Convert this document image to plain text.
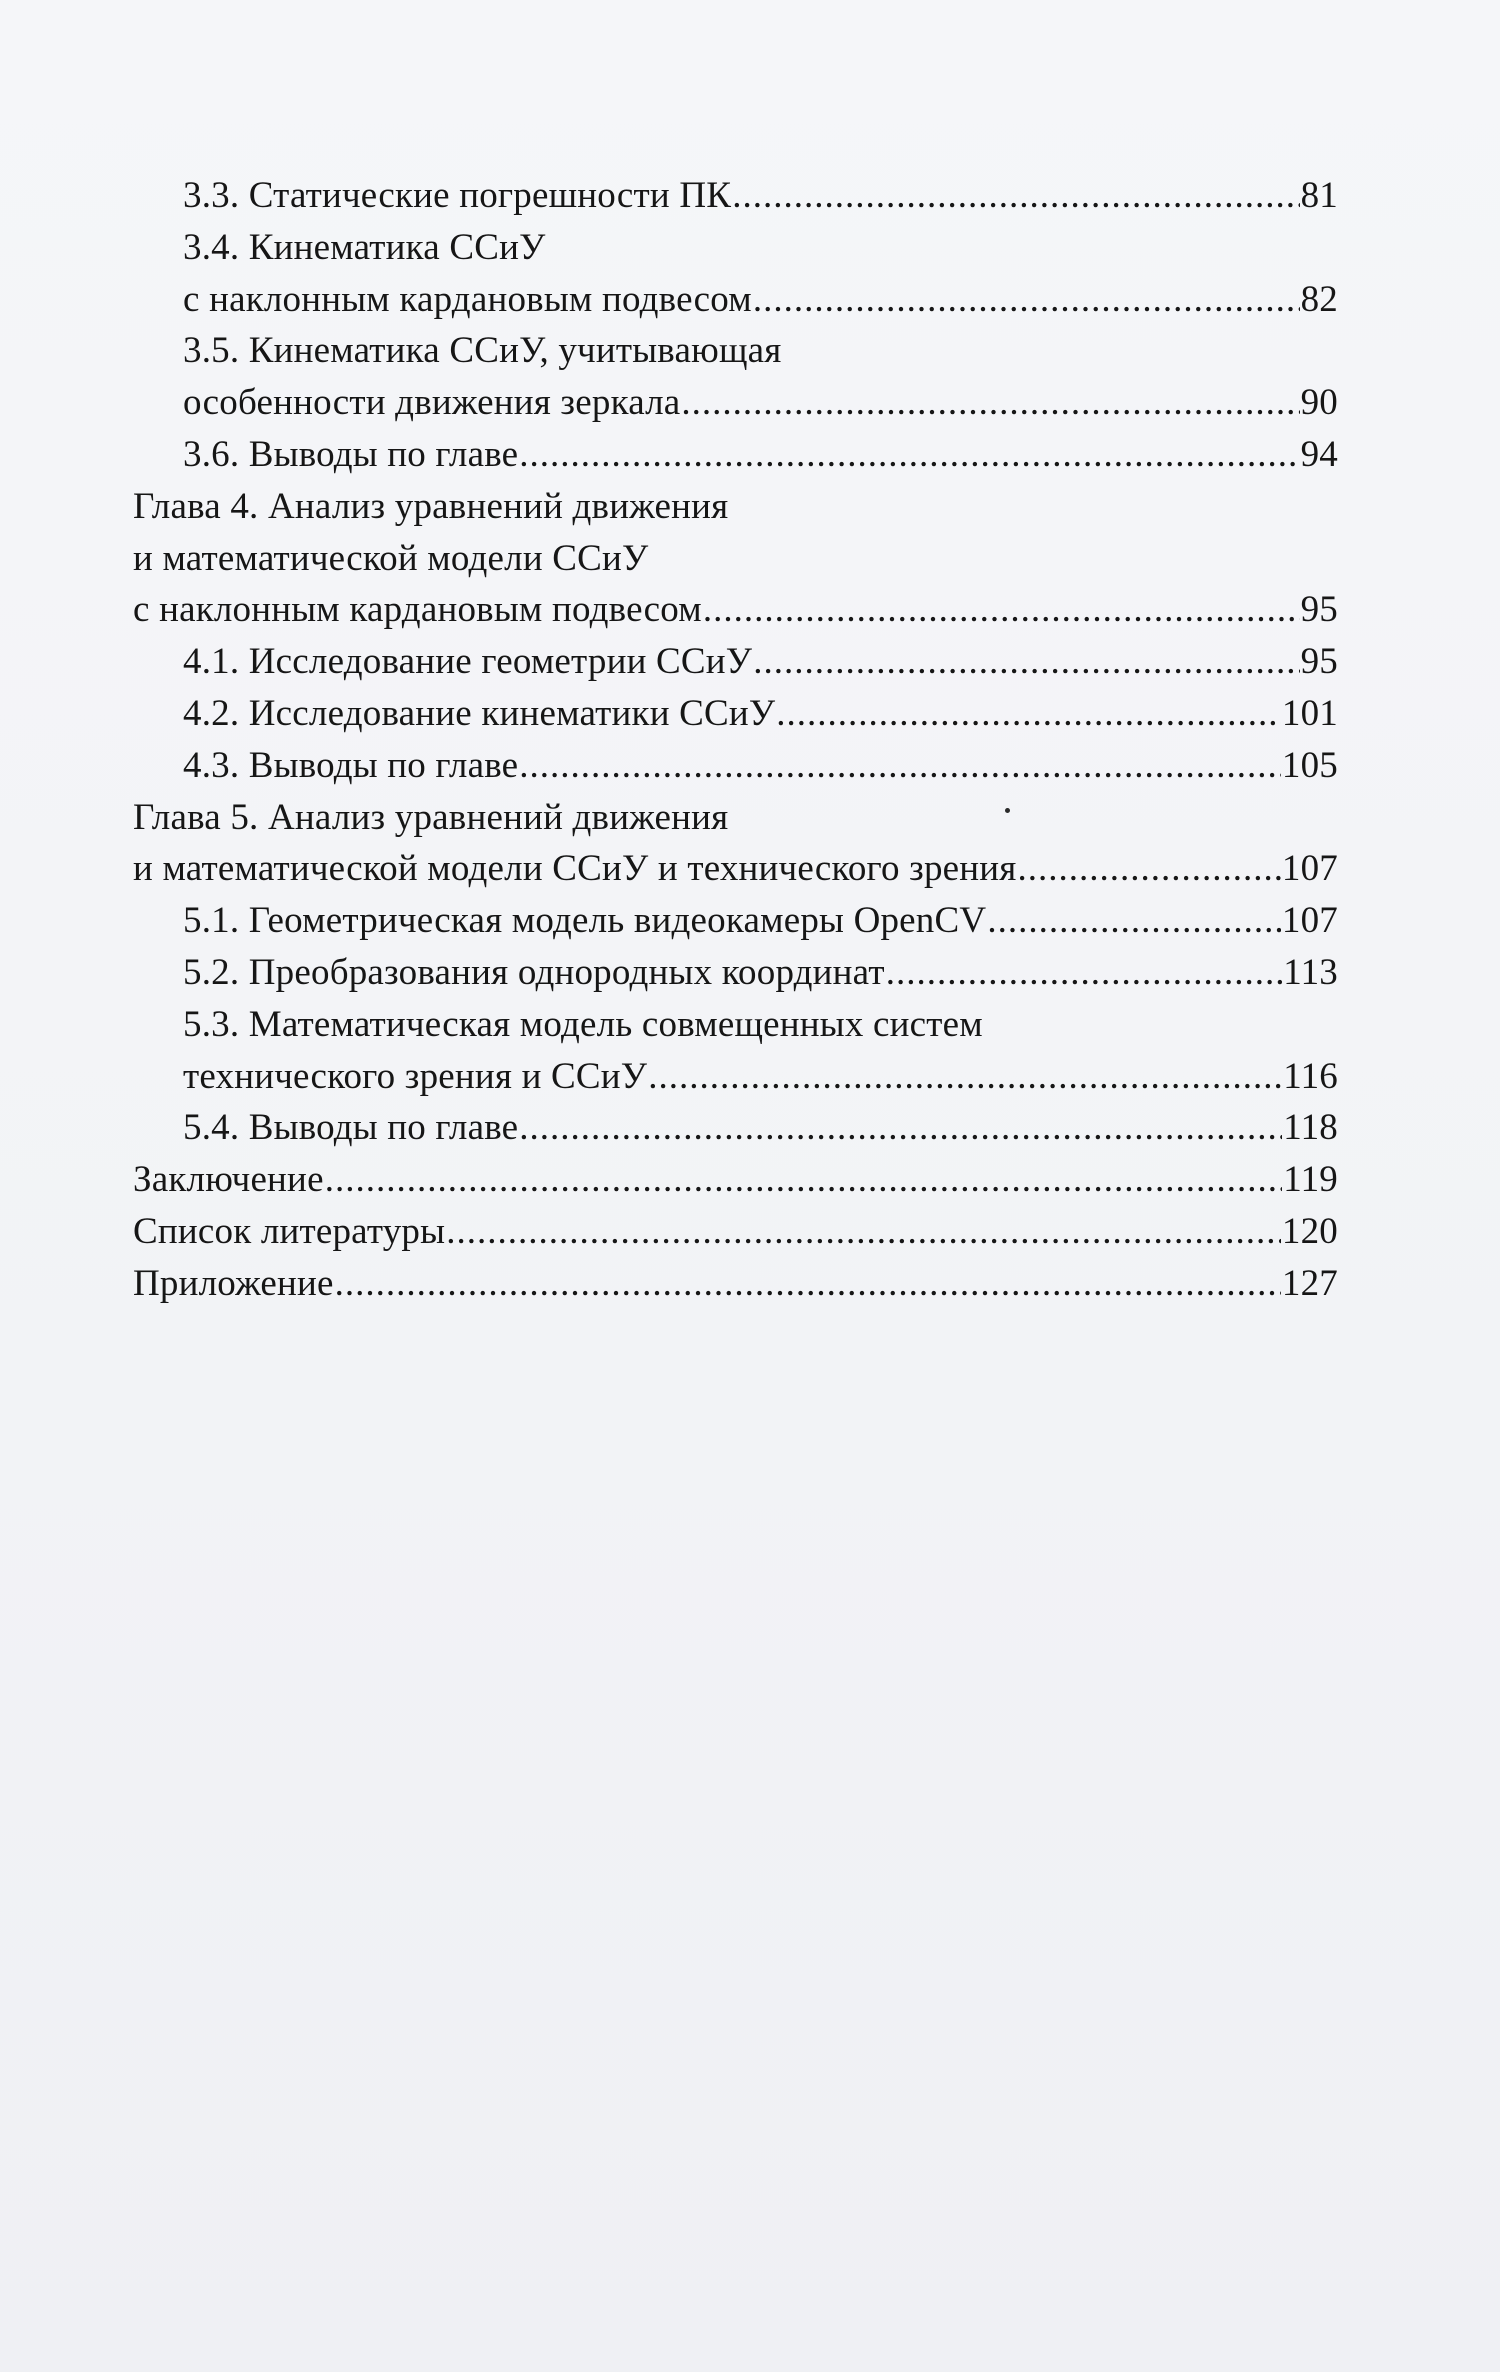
3.3. Статические погрешности ПК .....	81
3.4. Кинематика ССиУ
с наклонным кардановым подвесом .....	82
3.5. Кинематика ССиУ, учитывающая
особенности движения зеркала .....	90
3.6. Выводы по главе .....	94
Глава 4. Анализ уравнений движения
и математической модели ССиУ
с наклонным кардановым подвесом .....	95
4.1. Исследование геометрии ССиУ .....	95
4.2. Исследование кинематики ССиУ .....	101
4.3. Выводы по главе .....	105
Глава 5. Анализ уравнений движения
и математической модели ССиУ и технического зрения .....	107
5.1. Геометрическая модель видеокамеры OpenCV .....	107
5.2. Преобразования однородных координат .....	113
5.3. Математическая модель совмещенных систем
технического зрения и ССиУ .....	116
5.4. Выводы по главе .....	118
Заключение .....	119
Список литературы .....	120
Приложение .....	127
